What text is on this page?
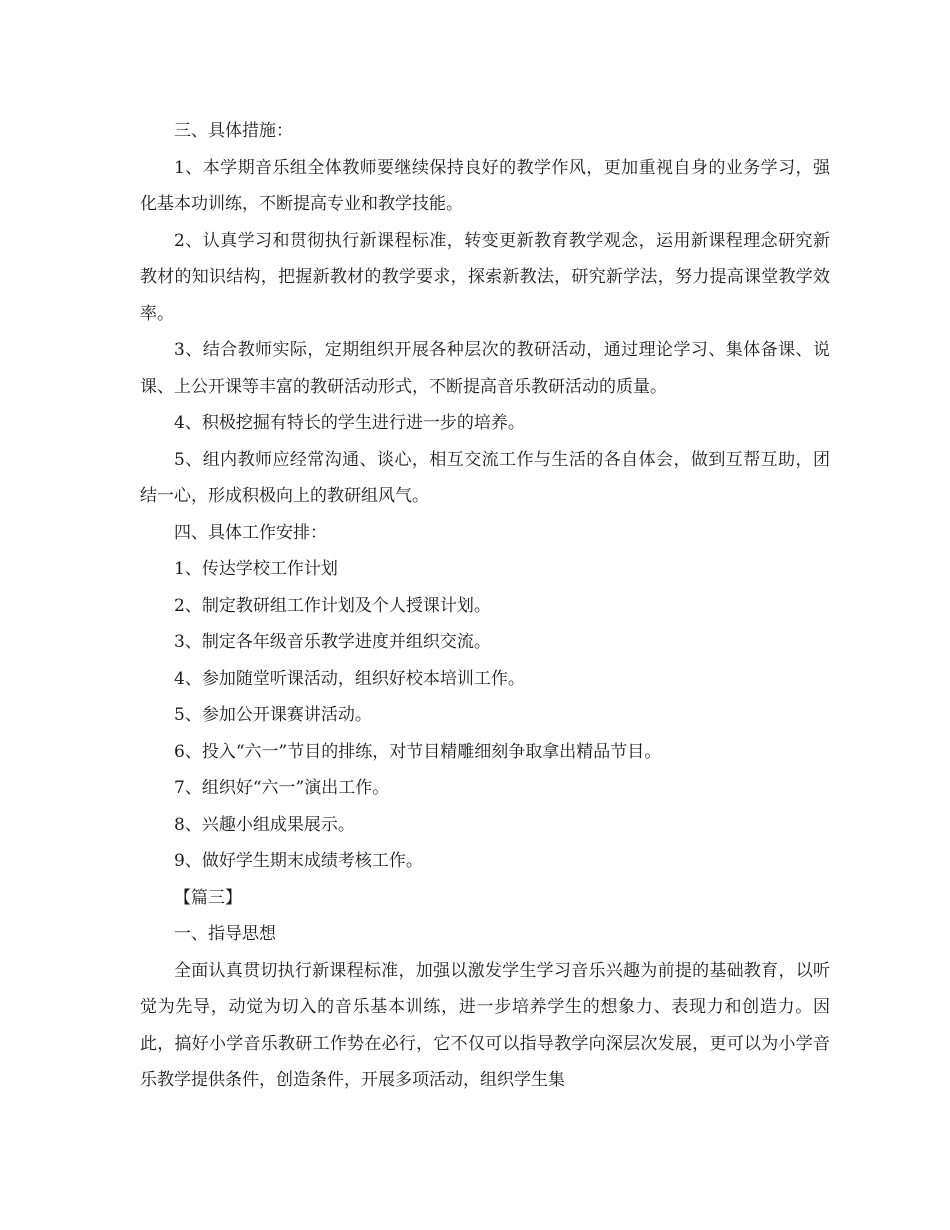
三、具体措施：

1、本学期音乐组全体教师要继续保持良好的教学作风，更加重视自身的业务学习，强化基本功训练，不断提高专业和教学技能。

2、认真学习和贯彻执行新课程标准，转变更新教育教学观念，运用新课程理念研究新教材的知识结构，把握新教材的教学要求，探索新教法，研究新学法，努力提高课堂教学效率。

3、结合教师实际，定期组织开展各种层次的教研活动，通过理论学习、集体备课、说课、上公开课等丰富的教研活动形式，不断提高音乐教研活动的质量。

4、积极挖掘有特长的学生进行进一步的培养。

5、组内教师应经常沟通、谈心，相互交流工作与生活的各自体会，做到互帮互助，团结一心，形成积极向上的教研组风气。

四、具体工作安排：

1、传达学校工作计划

2、制定教研组工作计划及个人授课计划。

3、制定各年级音乐教学进度并组织交流。

4、参加随堂听课活动，组织好校本培训工作。

5、参加公开课赛讲活动。

6、投入“六一”节目的排练，对节目精雕细刻争取拿出精品节目。

7、组织好“六一”演出工作。

8、兴趣小组成果展示。

9、做好学生期末成绩考核工作。

【篇三】

一、指导思想

全面认真贯切执行新课程标准，加强以激发学生学习音乐兴趣为前提的基础教育，以听觉为先导，动觉为切入的音乐基本训练，进一步培养学生的想象力、表现力和创造力。因此，搞好小学音乐教研工作势在必行，它不仅可以指导教学向深层次发展，更可以为小学音乐教学提供条件，创造条件，开展多项活动，组织学生集
